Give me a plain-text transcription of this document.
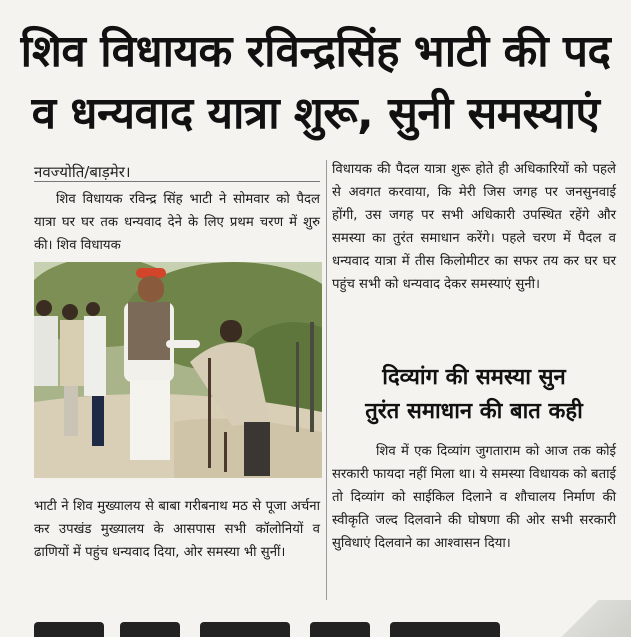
शिव विधायक रविन्द्रसिंह भाटी की पद
व धन्यवाद यात्रा शुरू, सुनी समस्याएं
नवज्योति/बाड़मेर।

शिव विधायक रविन्द्र सिंह भाटी ने सोमवार को पैदल यात्रा घर घर तक धन्यवाद देने के लिए प्रथम चरण में शुरु की। शिव विधायक

भाटी ने शिव मुख्यालय से बाबा गरीबनाथ मठ से पूजा अर्चना कर उपखंड मुख्यालय के आसपास सभी कॉलोनियों व ढाणियों में पहुंच धन्यवाद दिया, ओर समस्या भी सुनीं।

विधायक की पैदल यात्रा शुरू होते ही अधिकारियों को पहले से अवगत करवाया, कि मेरी जिस जगह पर जनसुनवाई होंगी, उस जगह पर सभी अधिकारी उपस्थित रहेंगे और समस्या का तुरंत समाधान करेंगे। पहले चरण में पैदल व धन्यवाद यात्रा में तीस किलोमीटर का सफर तय कर घर घर पहुंच सभी को धन्यवाद देकर समस्याएं सुनी।

दिव्यांग की समस्या सुन
तुरंत समाधान की बात कही

शिव में एक दिव्यांग जुगताराम को आज तक कोई सरकारी फायदा नहीं मिला था। ये समस्या विधायक को बताई तो दिव्यांग को साईकिल दिलाने व शौचालय निर्माण की स्वीकृति जल्द दिलवाने की घोषणा की ओर सभी सरकारी सुविधाएं दिलवाने का आश्वासन दिया।
